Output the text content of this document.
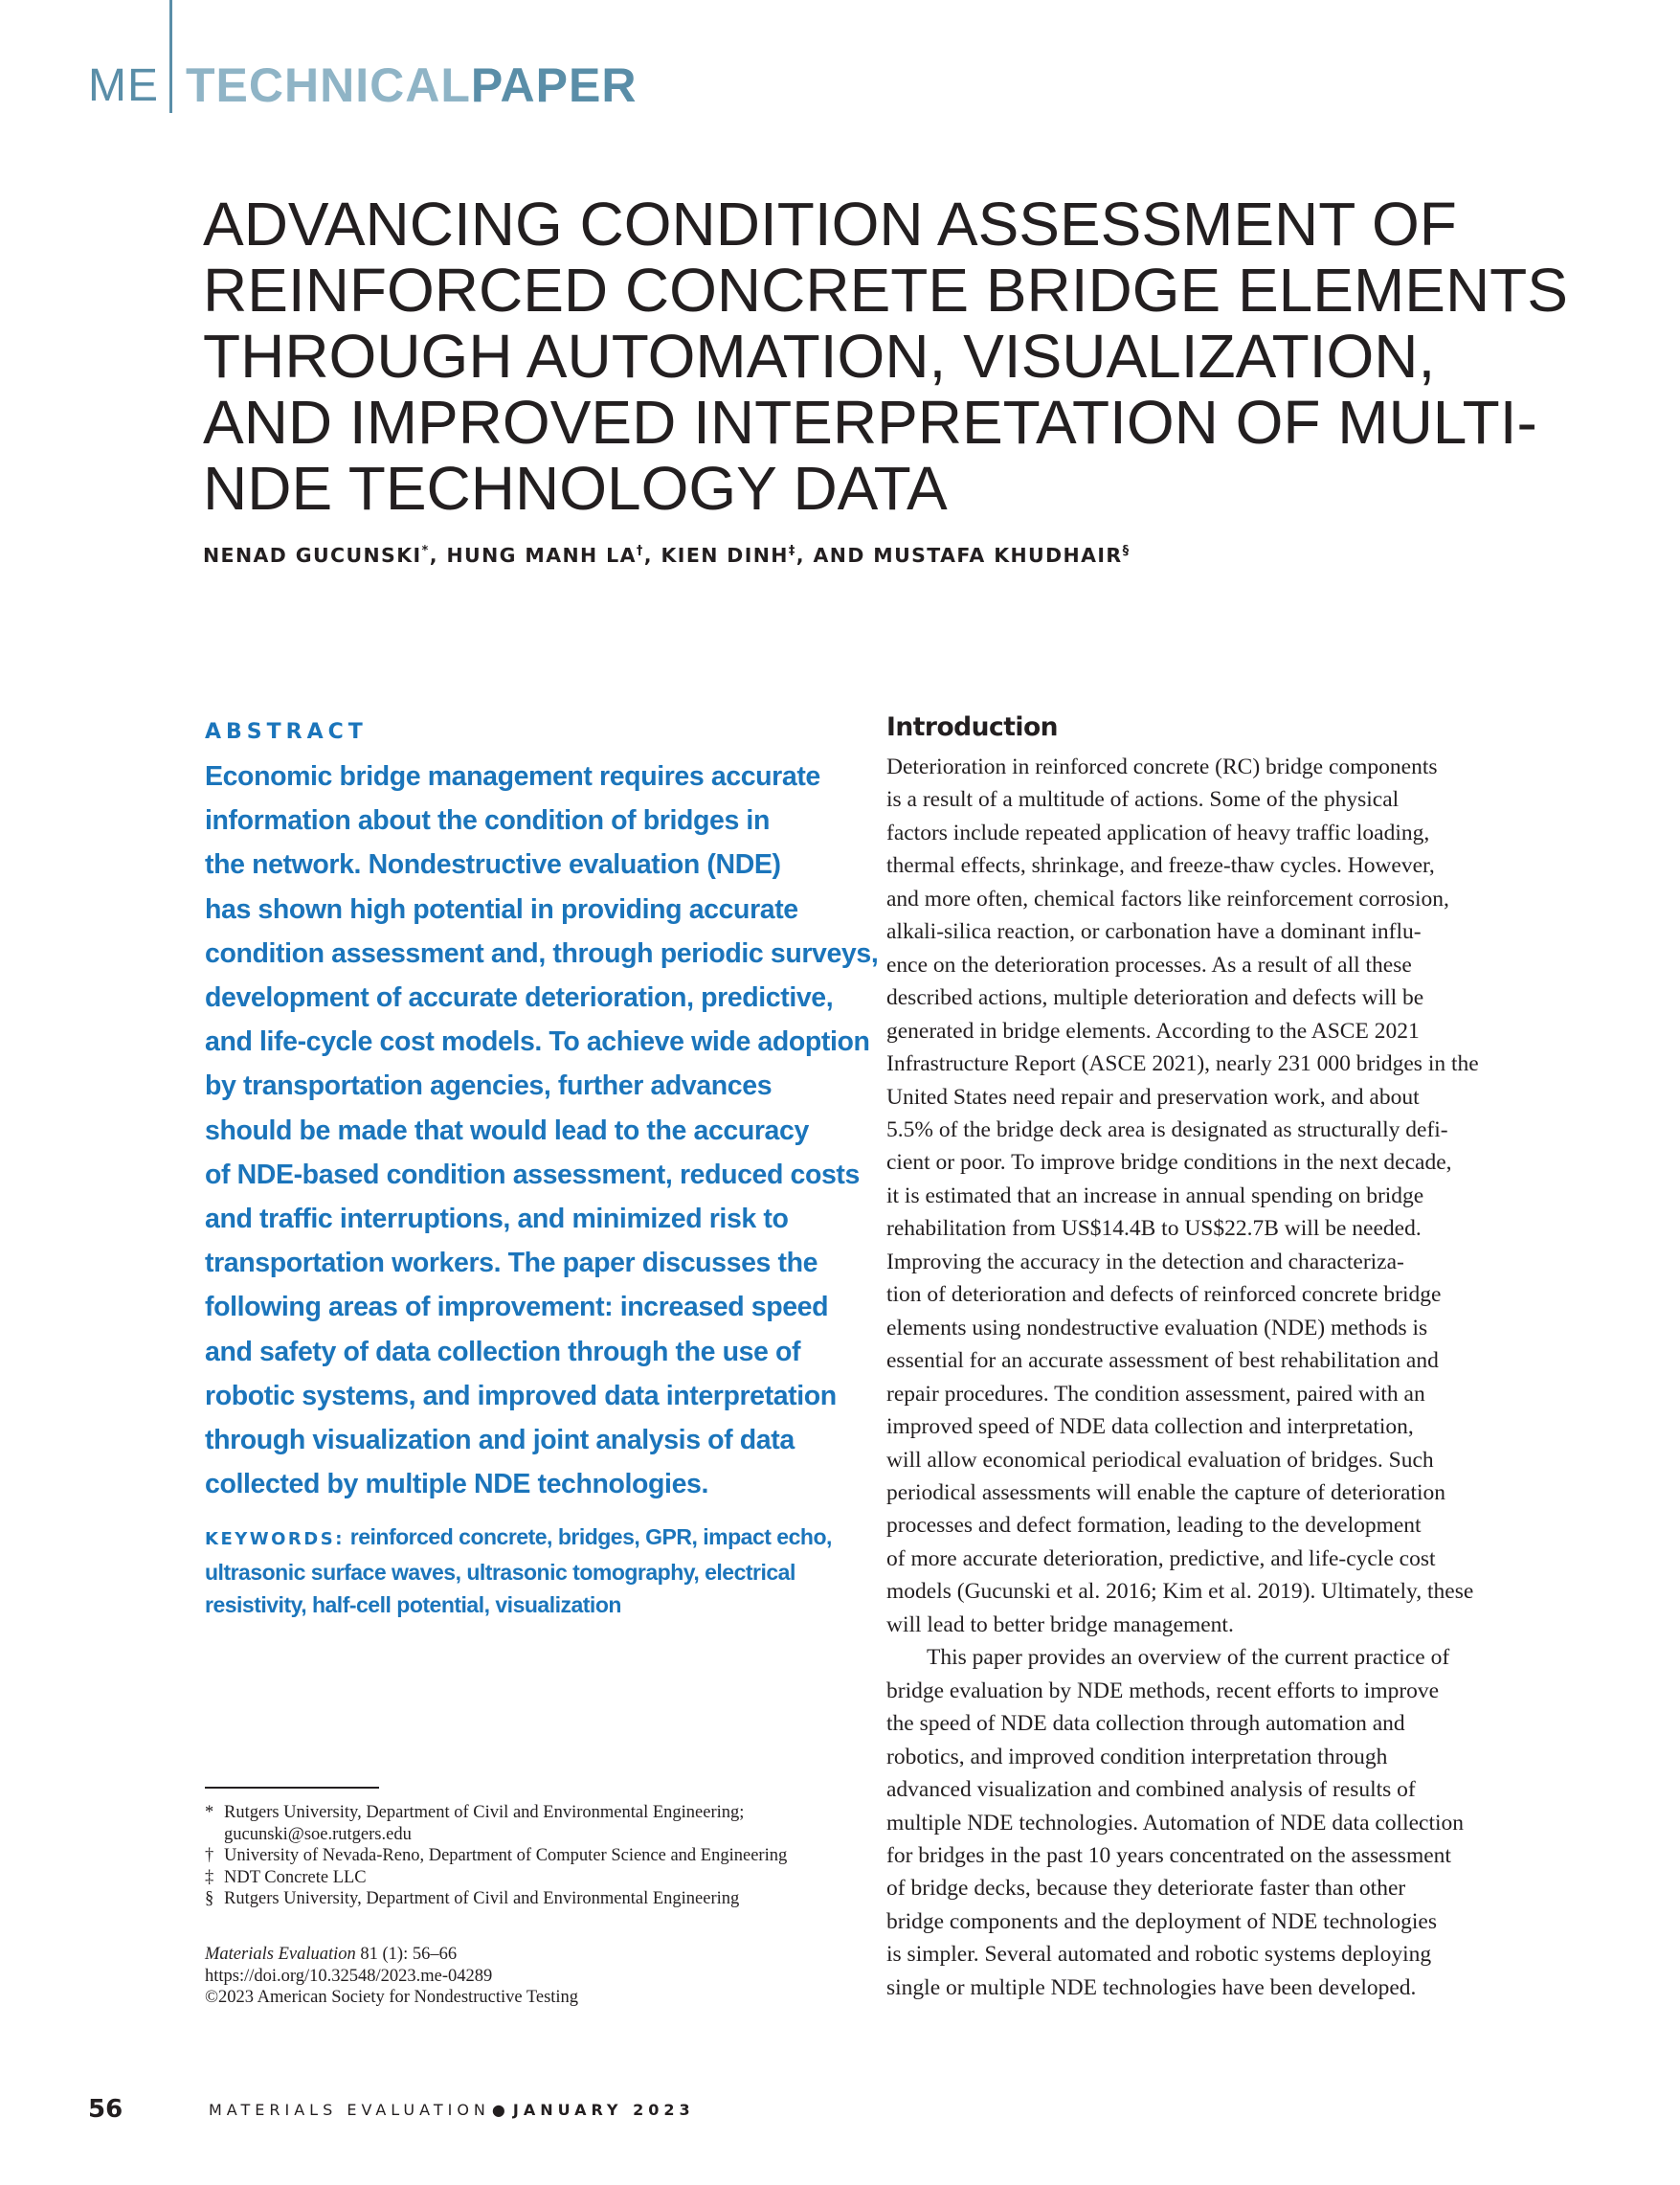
ME TECHNICALPAPER
ADVANCING CONDITION ASSESSMENT OF
REINFORCED CONCRETE BRIDGE ELEMENTS
THROUGH AUTOMATION, VISUALIZATION,
AND IMPROVED INTERPRETATION OF MULTI-
NDE TECHNOLOGY DATA
NENAD GUCUNSKI*, HUNG MANH LA†, KIEN DINH‡, AND MUSTAFA KHUDHAIR§
ABSTRACT
Economic bridge management requires accurate
information about the condition of bridges in
the network. Nondestructive evaluation (NDE)
has shown high potential in providing accurate
condition assessment and, through periodic surveys,
development of accurate deterioration, predictive,
and life-cycle cost models. To achieve wide adoption
by transportation agencies, further advances
should be made that would lead to the accuracy
of NDE-based condition assessment, reduced costs
and traffic interruptions, and minimized risk to
transportation workers. The paper discusses the
following areas of improvement: increased speed
and safety of data collection through the use of
robotic systems, and improved data interpretation
through visualization and joint analysis of data
collected by multiple NDE technologies.
KEYWORDS: reinforced concrete, bridges, GPR, impact echo,
ultrasonic surface waves, ultrasonic tomography, electrical
resistivity, half-cell potential, visualization
* Rutgers University, Department of Civil and Environmental Engineering;
gucunski@soe.rutgers.edu
† University of Nevada-Reno, Department of Computer Science and Engineering
‡ NDT Concrete LLC
§ Rutgers University, Department of Civil and Environmental Engineering
Materials Evaluation 81 (1): 56–66
https://doi.org/10.32548/2023.me-04289
©2023 American Society for Nondestructive Testing
56	MATERIALS EVALUATION ● JANUARY 2023
Introduction
Deterioration in reinforced concrete (RC) bridge components
is a result of a multitude of actions. Some of the physical
factors include repeated application of heavy traffic loading,
thermal effects, shrinkage, and freeze-thaw cycles. However,
and more often, chemical factors like reinforcement corrosion,
alkali-silica reaction, or carbonation have a dominant influ-
ence on the deterioration processes. As a result of all these
described actions, multiple deterioration and defects will be
generated in bridge elements. According to the ASCE 2021
Infrastructure Report (ASCE 2021), nearly 231 000 bridges in the
United States need repair and preservation work, and about
5.5% of the bridge deck area is designated as structurally defi-
cient or poor. To improve bridge conditions in the next decade,
it is estimated that an increase in annual spending on bridge
rehabilitation from US$14.4B to US$22.7B will be needed.
Improving the accuracy in the detection and characteriza-
tion of deterioration and defects of reinforced concrete bridge
elements using nondestructive evaluation (NDE) methods is
essential for an accurate assessment of best rehabilitation and
repair procedures. The condition assessment, paired with an
improved speed of NDE data collection and interpretation,
will allow economical periodical evaluation of bridges. Such
periodical assessments will enable the capture of deterioration
processes and defect formation, leading to the development
of more accurate deterioration, predictive, and life-cycle cost
models (Gucunski et al. 2016; Kim et al. 2019). Ultimately, these
will lead to better bridge management.
This paper provides an overview of the current practice of
bridge evaluation by NDE methods, recent efforts to improve
the speed of NDE data collection through automation and
robotics, and improved condition interpretation through
advanced visualization and combined analysis of results of
multiple NDE technologies. Automation of NDE data collection
for bridges in the past 10 years concentrated on the assessment
of bridge decks, because they deteriorate faster than other
bridge components and the deployment of NDE technologies
is simpler. Several automated and robotic systems deploying
single or multiple NDE technologies have been developed.
